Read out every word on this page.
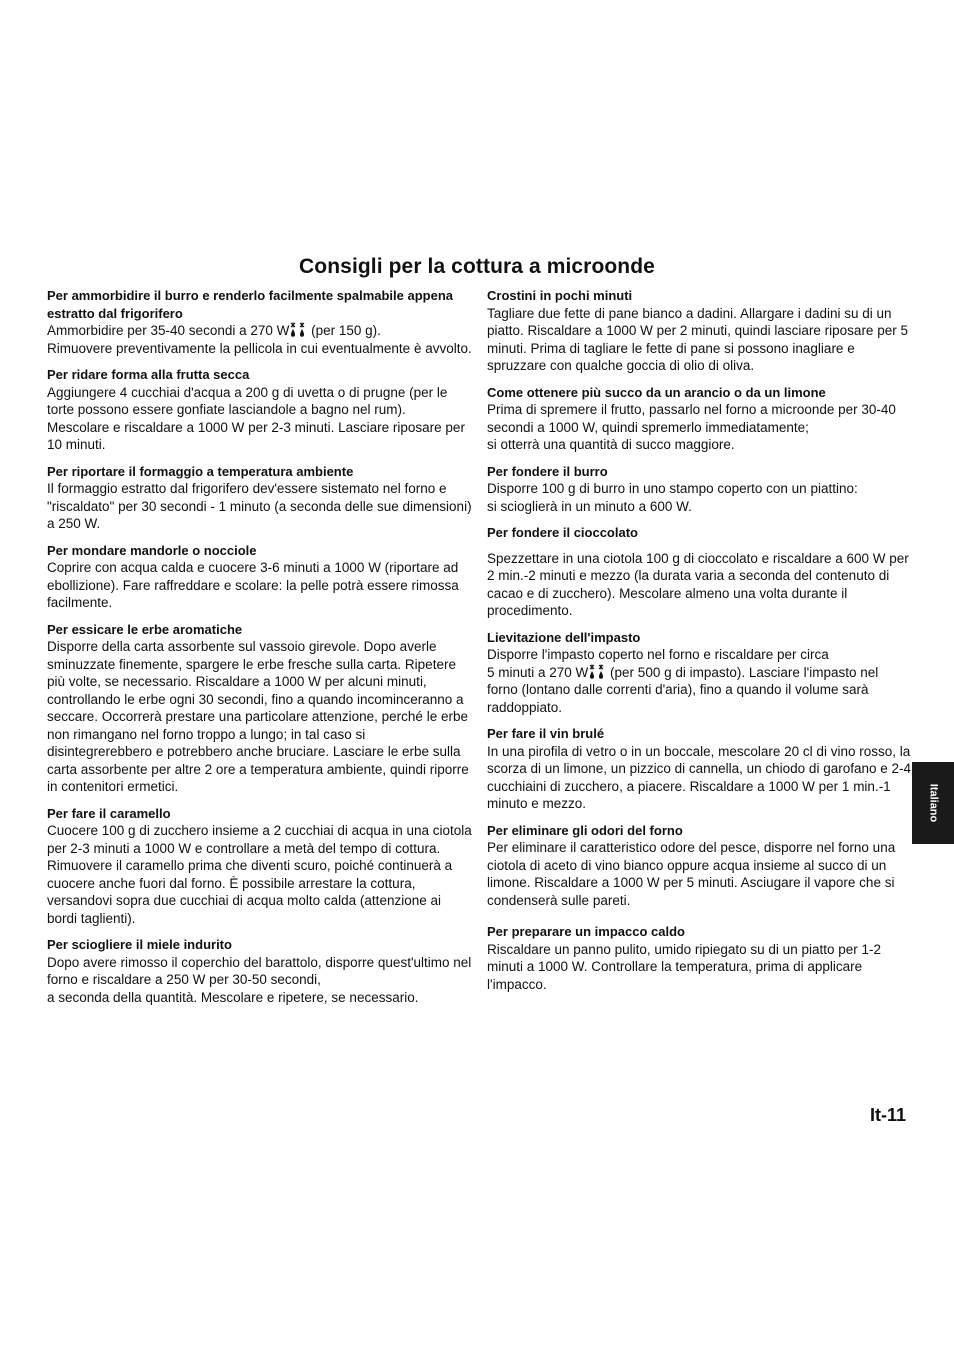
Consigli per la cottura a microonde

Per ammorbidire il burro e renderlo facilmente spalmabile appena estratto dal frigorifero

Ammorbidire per 35-40 secondi a 270 W (per 150 g).
Rimuovere preventivamente la pellicola in cui eventualmente è avvolto.

Per ridare forma alla frutta secca

Aggiungere 4 cucchiai d'acqua a 200 g di uvetta o di prugne (per le torte possono essere gonfiate lasciandole a bagno nel rum).
Mescolare e riscaldare a 1000 W per 2-3 minuti. Lasciare riposare per 10 minuti.

Per riportare il formaggio a temperatura ambiente

Il formaggio estratto dal frigorifero dev'essere sistemato nel forno e "riscaldato" per 30 secondi - 1 minuto (a seconda delle sue dimensioni) a 250 W.

Per mondare mandorle o nocciole

Coprire con acqua calda e cuocere 3-6 minuti a 1000 W (riportare ad ebollizione). Fare raffreddare e scolare: la pelle potrà essere rimossa facilmente.

Per essicare le erbe aromatiche

Disporre della carta assorbente sul vassoio girevole. Dopo averle sminuzzate finemente, spargere le erbe fresche sulla carta. Ripetere più volte, se necessario. Riscaldare a 1000 W per alcuni minuti, controllando le erbe ogni 30 secondi, fino a quando incominceranno a seccare. Occorrerà prestare una particolare attenzione, perché le erbe non rimangano nel forno troppo a lungo; in tal caso si disintegrerebbero e potrebbero anche bruciare. Lasciare le erbe sulla carta assorbente per altre 2 ore a temperatura ambiente, quindi riporre in contenitori ermetici.

Per fare il caramello

Cuocere 100 g di zucchero insieme a 2 cucchiai di acqua in una ciotola per 2-3 minuti a 1000 W e controllare a metà del tempo di cottura. Rimuovere il caramello prima che diventi scuro, poiché continuerà a cuocere anche fuori dal forno. È possibile arrestare la cottura, versandovi sopra due cucchiai di acqua molto calda (attenzione ai bordi taglienti).

Per sciogliere il miele indurito

Dopo avere rimosso il coperchio del barattolo, disporre quest'ultimo nel forno e riscaldare a 250 W per 30-50 secondi,
a seconda della quantità. Mescolare e ripetere, se necessario.

Crostini in pochi minuti

Tagliare due fette di pane bianco a dadini. Allargare i dadini su di un piatto. Riscaldare a 1000 W per 2 minuti, quindi lasciare riposare per 5 minuti. Prima di tagliare le fette di pane si possono inagliare e spruzzare con qualche goccia di olio di oliva.

Come ottenere più succo da un arancio o da un limone

Prima di spremere il frutto, passarlo nel forno a microonde per 30-40 secondi a 1000 W, quindi spremerlo immediatamente;
si otterrà una quantità di succo maggiore.

Per fondere il burro

Disporre 100 g di burro in uno stampo coperto con un piattino:
si scioglierà in un minuto a 600 W.

Per fondere il cioccolato

Spezzettare in una ciotola 100 g di cioccolato e riscaldare a 600 W per 2 min.-2 minuti e mezzo (la durata varia a seconda del contenuto di cacao e di zucchero). Mescolare almeno una volta durante il procedimento.

Lievitazione dell'impasto

Disporre l'impasto coperto nel forno e riscaldare per circa
5 minuti a 270 W (per 500 g di impasto). Lasciare l'impasto nel forno (lontano dalle correnti d'aria), fino a quando il volume sarà raddoppiato.

Per fare il vin brulé

In una pirofila di vetro o in un boccale, mescolare 20 cl di vino rosso, la scorza di un limone, un pizzico di cannella, un chiodo di garofano e 2-4 cucchiaini di zucchero, a piacere. Riscaldare a 1000 W per 1 min.-1 minuto e mezzo.

Per eliminare gli odori del forno

Per eliminare il caratteristico odore del pesce, disporre nel forno una ciotola di aceto di vino bianco oppure acqua insieme al succo di un limone. Riscaldare a 1000 W per 5 minuti. Asciugare il vapore che si condenserà sulle pareti.

Per preparare un impacco caldo

Riscaldare un panno pulito, umido ripiegato su di un piatto per 1-2 minuti a 1000 W. Controllare la temperatura, prima di applicare l'impacco.

Italiano
It-11
